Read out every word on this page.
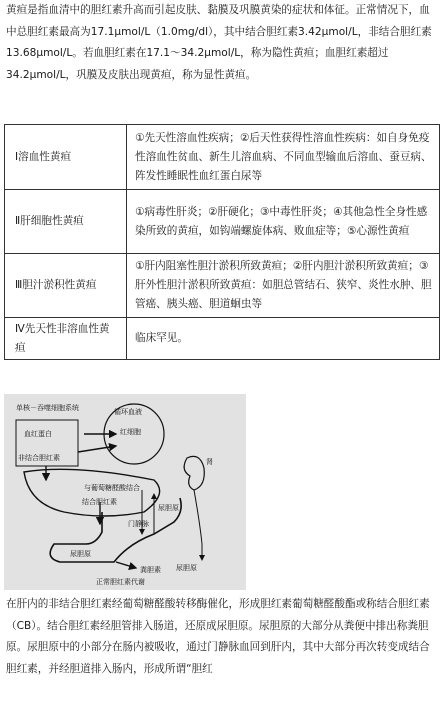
黄疸是指血清中的胆红素升高而引起皮肤、黏膜及巩膜黄染的症状和体征。正常情况下，血中总胆红素最高为17.1μmol/L（1.0mg/dl），其中结合胆红素3.42μmol/L，非结合胆红素13.68μmol/L。若血胆红素在17.1～34.2μmol/L，称为隐性黄疸；血胆红素超过34.2μmol/L，巩膜及皮肤出现黄疸，称为显性黄疸。

Ⅰ溶血性黄疸	①先天性溶血性疾病；②后天性获得性溶血性疾病：如自身免疫性溶血性贫血、新生儿溶血病、不同血型输血后溶血、蚕豆病、阵发性睡眠性血红蛋白尿等
Ⅱ肝细胞性黄疸	①病毒性肝炎；②肝硬化；③中毒性肝炎；④其他急性全身性感染所致的黄疸，如钩端螺旋体病、败血症等；⑤心源性黄疸
Ⅲ胆汁淤积性黄疸	①肝内阻塞性胆汁淤积所致黄疸；②肝内胆汁淤积所致黄疸；③肝外性胆汁淤积所致黄疸：如胆总管结石、狭窄、炎性水肿、胆管癌、胰头癌、胆道蛔虫等
Ⅳ先天性非溶血性黄疸	临床罕见。
单核－吞噬细胞系统	循环血液
血红蛋白	红细胞
非结合胆红素
与葡萄糖醛酸结合
结合胆红素
肾
门静脉
尿胆原
尿胆原
尿胆原
粪胆素
正常胆红素代谢

在肝内的非结合胆红素经葡萄糖醛酸转移酶催化，形成胆红素葡萄糖醛酸酯或称结合胆红素（CB）。结合胆红素经胆管排入肠道，还原成尿胆原。尿胆原的大部分从粪便中排出称粪胆原。尿胆原中的小部分在肠内被吸收，通过门静脉血回到肝内，其中大部分再次转变成结合胆红素，并经胆道排入肠内，形成所谓“胆红
